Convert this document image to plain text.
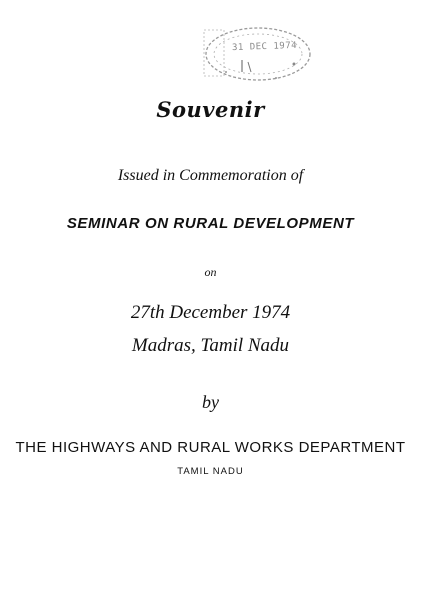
31 DEC 1974
Souvenir
Issued in Commemoration of
SEMINAR ON RURAL DEVELOPMENT
on
27th December 1974
Madras, Tamil Nadu
by
THE HIGHWAYS AND RURAL WORKS DEPARTMENT
TAMIL NADU
